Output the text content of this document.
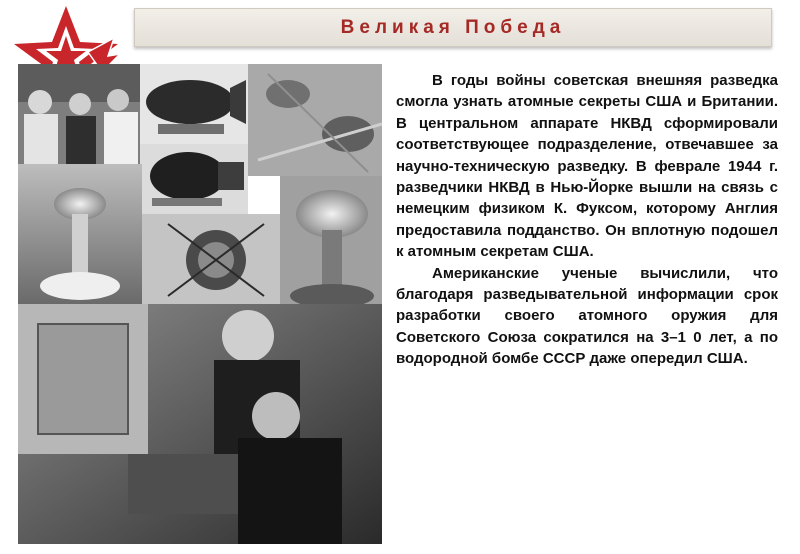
Великая Победа

В годы войны советская внешняя разведка смогла узнать атомные секреты США и Британии. В центральном аппарате НКВД сформировали соответствующее подразделение, отвечавшее за научно-техническую разведку. В феврале 1944 г. разведчики НКВД в Нью-Йорке вышли на связь с немецким физиком К. Фуксом, которому Англия предоставила подданство. Он вплотную подошел к атомным секретам США.

Американские ученые вычислили, что благодаря разведывательной информации срок разработки своего атомного оружия для Советского Союза сократился на 3–1 0 лет, а по водородной бомбе СССР даже опередил США.
